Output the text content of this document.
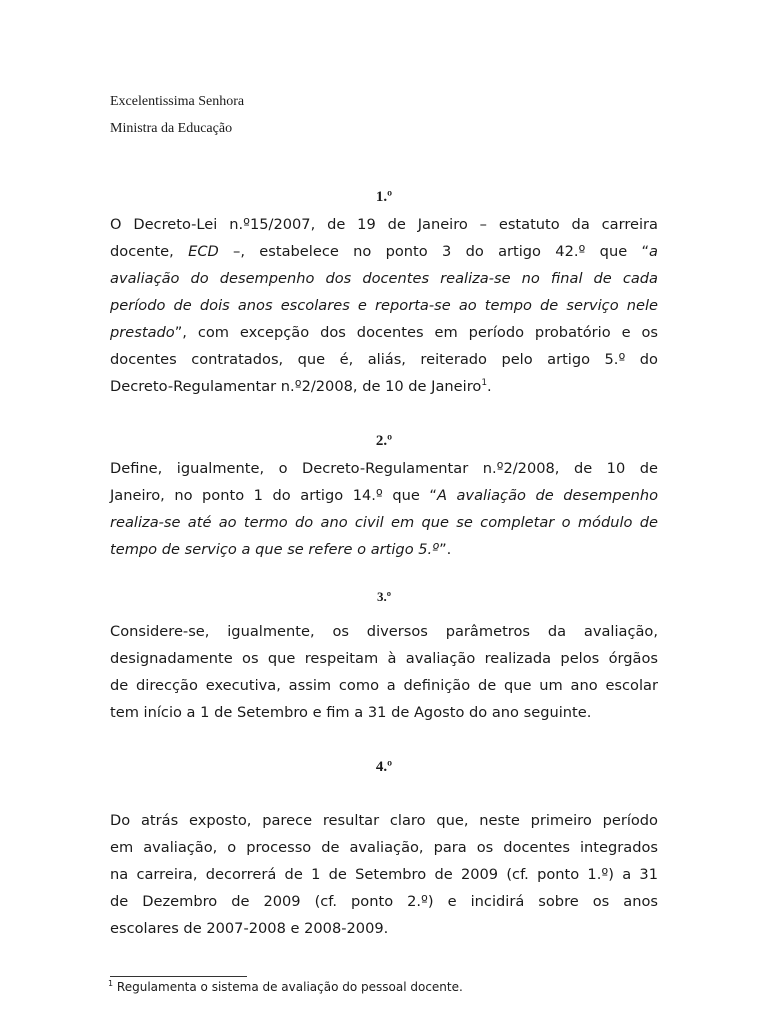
Excelentissima Senhora
Ministra da Educação
1.º
O Decreto-Lei n.º15/2007, de 19 de Janeiro – estatuto da carreira
docente, ECD –, estabelece no ponto 3 do artigo 42.º que “a
avaliação do desempenho dos docentes realiza-se no final de cada
período de dois anos escolares e reporta-se ao tempo de serviço nele
prestado”, com excepção dos docentes em período probatório e os
docentes contratados, que é, aliás, reiterado pelo artigo 5.º do
Decreto-Regulamentar n.º2/2008, de 10 de Janeiro$^1$.
2.º
Define, igualmente, o Decreto-Regulamentar n.º2/2008, de 10 de
Janeiro, no ponto 1 do artigo 14.º que “A avaliação de desempenho
realiza-se até ao termo do ano civil em que se completar o módulo de
tempo de serviço a que se refere o artigo 5.º”.
3.º
Considere-se, igualmente, os diversos parâmetros da avaliação,
designadamente os que respeitam à avaliação realizada pelos órgãos
de direcção executiva, assim como a definição de que um ano escolar
tem início a 1 de Setembro e fim a 31 de Agosto do ano seguinte.
4.º
Do atrás exposto, parece resultar claro que, neste primeiro período
em avaliação, o processo de avaliação, para os docentes integrados
na carreira, decorrerá de 1 de Setembro de 2009 (cf. ponto 1.º) a 31
de Dezembro de 2009 (cf. ponto 2.º) e incidirá sobre os anos
escolares de 2007-2008 e 2008-2009.
$^1$ Regulamenta o sistema de avaliação do pessoal docente.
